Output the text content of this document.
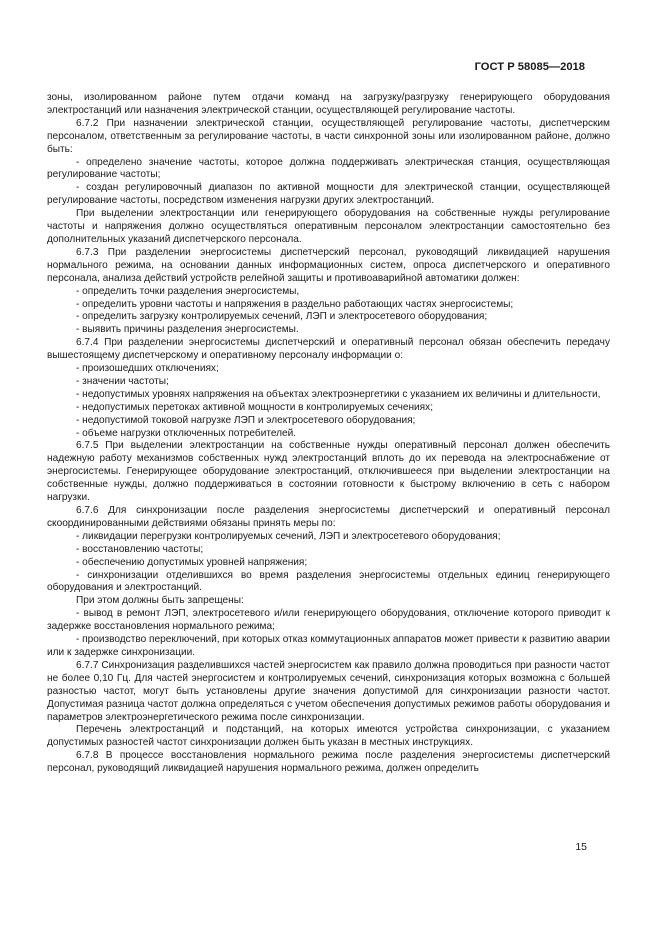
ГОСТ Р 58085—2018

зоны, изолированном районе путем отдачи команд на загрузку/разгрузку генерирующего оборудования электростанций или назначения электрической станции, осуществляющей регулирование частоты.

6.7.2 При назначении электрической станции, осуществляющей регулирование частоты, диспетчерским персоналом, ответственным за регулирование частоты, в части синхронной зоны или изолированном районе, должно быть:

- определено значение частоты, которое должна поддерживать электрическая станция, осуществляющая регулирование частоты;

- создан регулировочный диапазон по активной мощности для электрической станции, осуществляющей регулирование частоты, посредством изменения нагрузки других электростанций.

При выделении электростанции или генерирующего оборудования на собственные нужды регулирование частоты и напряжения должно осуществляться оперативным персоналом электростанции самостоятельно без дополнительных указаний диспетчерского персонала.

6.7.3 При разделении энергосистемы диспетчерский персонал, руководящий ликвидацией нарушения нормального режима, на основании данных информационных систем, опроса диспетчерского и оперативного персонала, анализа действий устройств релейной защиты и противоаварийной автоматики должен:

- определить точки разделения энергосистемы,

- определить уровни частоты и напряжения в раздельно работающих частях энергосистемы;

- определить загрузку контролируемых сечений, ЛЭП и электросетевого оборудования;

- выявить причины разделения энергосистемы.

6.7.4 При разделении энергосистемы диспетчерский и оперативный персонал обязан обеспечить передачу вышестоящему диспетчерскому и оперативному персоналу информации о:

- произошедших отключениях;

- значении частоты;

- недопустимых уровнях напряжения на объектах электроэнергетики с указанием их величины и длительности,

- недопустимых перетоках активной мощности в контролируемых сечениях;

- недопустимой токовой нагрузке ЛЭП и электросетевого оборудования;

- объеме нагрузки отключенных потребителей.

6.7.5 При выделении электростанции на собственные нужды оперативный персонал должен обеспечить надежную работу механизмов собственных нужд электростанций вплоть до их перевода на электроснабжение от энергосистемы. Генерирующее оборудование электростанций, отключившееся при выделении электростанции на собственные нужды, должно поддерживаться в состоянии готовности к быстрому включению в сеть с набором нагрузки.

6.7.6 Для синхронизации после разделения энергосистемы диспетчерский и оперативный персонал скоординированными действиями обязаны принять меры по:

- ликвидации перегрузки контролируемых сечений, ЛЭП и электросетевого оборудования;

- восстановлению частоты;

- обеспечению допустимых уровней напряжения;

- синхронизации отделившихся во время разделения энергосистемы отдельных единиц генерирующего оборудования и электростанций.

При этом должны быть запрещены:

- вывод в ремонт ЛЭП, электросетевого и/или генерирующего оборудования, отключение которого приводит к задержке восстановления нормального режима;

- производство переключений, при которых отказ коммутационных аппаратов может привести к развитию аварии или к задержке синхронизации.

6.7.7 Синхронизация разделившихся частей энергосистем как правило должна проводиться при разности частот не более 0,10 Гц. Для частей энергосистем и контролируемых сечений, синхронизация которых возможна с большей разностью частот, могут быть установлены другие значения допустимой для синхронизации разности частот. Допустимая разница частот должна определяться с учетом обеспечения допустимых режимов работы оборудования и параметров электроэнергетического режима после синхронизации.

Перечень электростанций и подстанций, на которых имеются устройства синхронизации, с указанием допустимых разностей частот синхронизации должен быть указан в местных инструкциях.

6.7.8 В процессе восстановления нормального режима после разделения энергосистемы диспетчерский персонал, руководящий ликвидацией нарушения нормального режима, должен определить

15
